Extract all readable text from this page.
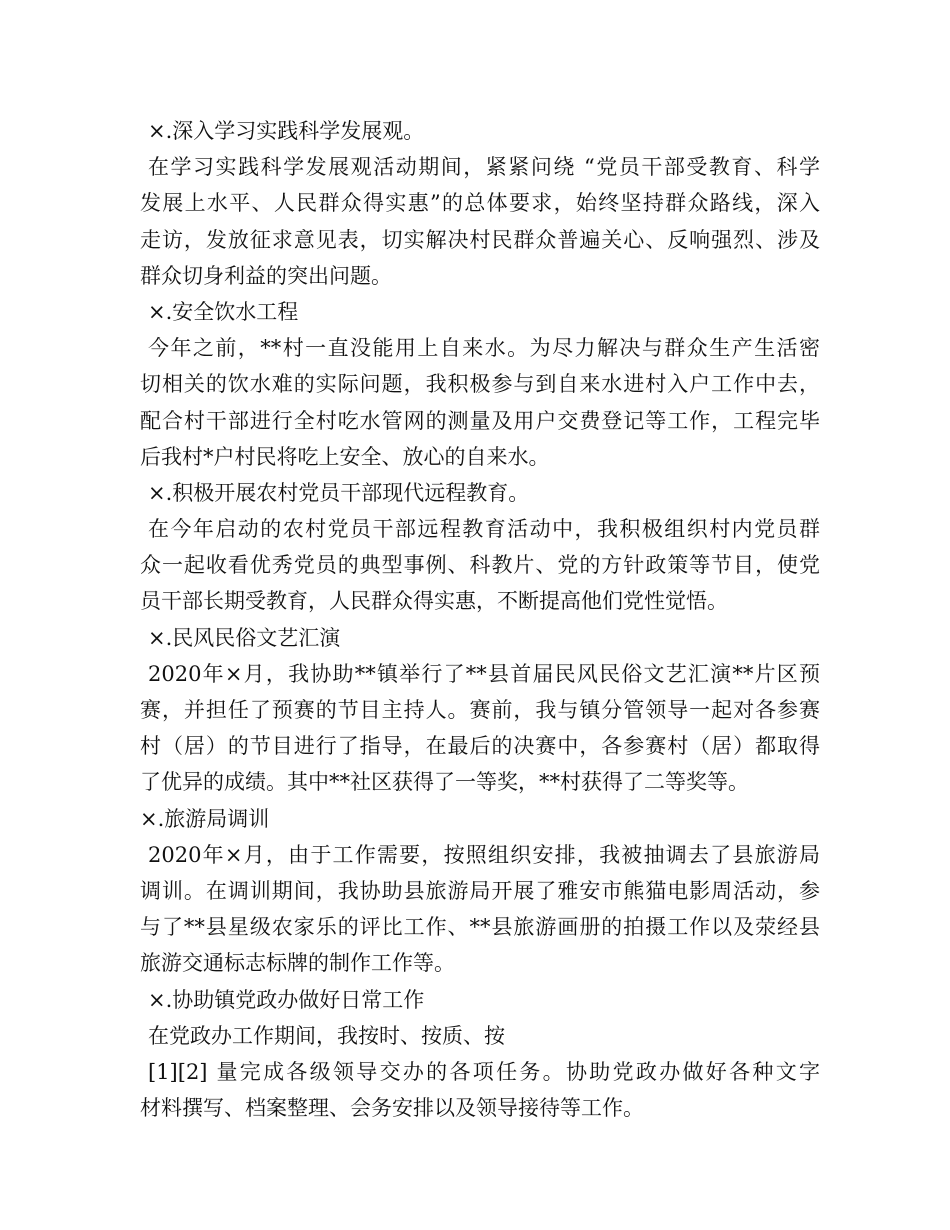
×.深入学习实践科学发展观。
在学习实践科学发展观活动期间，紧紧问绕 “党员干部受教育、科学
发展上水平、人民群众得实惠”的总体要求，始终坚持群众路线，深入
走访，发放征求意见表，切实解决村民群众普遍关心、反响强烈、涉及
群众切身利益的突出问题。
×.安全饮水工程
今年之前，**村一直没能用上自来水。为尽力解决与群众生产生活密
切相关的饮水难的实际问题，我积极参与到自来水进村入户工作中去，
配合村干部进行全村吃水管网的测量及用户交费登记等工作，工程完毕
后我村*户村民将吃上安全、放心的自来水。
×.积极开展农村党员干部现代远程教育。
在今年启动的农村党员干部远程教育活动中，我积极组织村内党员群
众一起收看优秀党员的典型事例、科教片、党的方针政策等节目，使党
员干部长期受教育，人民群众得实惠，不断提高他们党性觉悟。
×.民风民俗文艺汇演
2020年×月，我协助**镇举行了**县首届民风民俗文艺汇演**片区预
赛，并担任了预赛的节目主持人。赛前，我与镇分管领导一起对各参赛
村（居）的节目进行了指导，在最后的决赛中，各参赛村（居）都取得
了优异的成绩。其中**社区获得了一等奖，**村获得了二等奖等。
×.旅游局调训
2020年×月，由于工作需要，按照组织安排，我被抽调去了县旅游局
调训。在调训期间，我协助县旅游局开展了雅安市熊猫电影周活动，参
与了**县星级农家乐的评比工作、**县旅游画册的拍摄工作以及荥经县
旅游交通标志标牌的制作工作等。
×.协助镇党政办做好日常工作
在党政办工作期间，我按时、按质、按
[1][2] 量完成各级领导交办的各项任务。协助党政办做好各种文字
材料撰写、档案整理、会务安排以及领导接待等工作。
